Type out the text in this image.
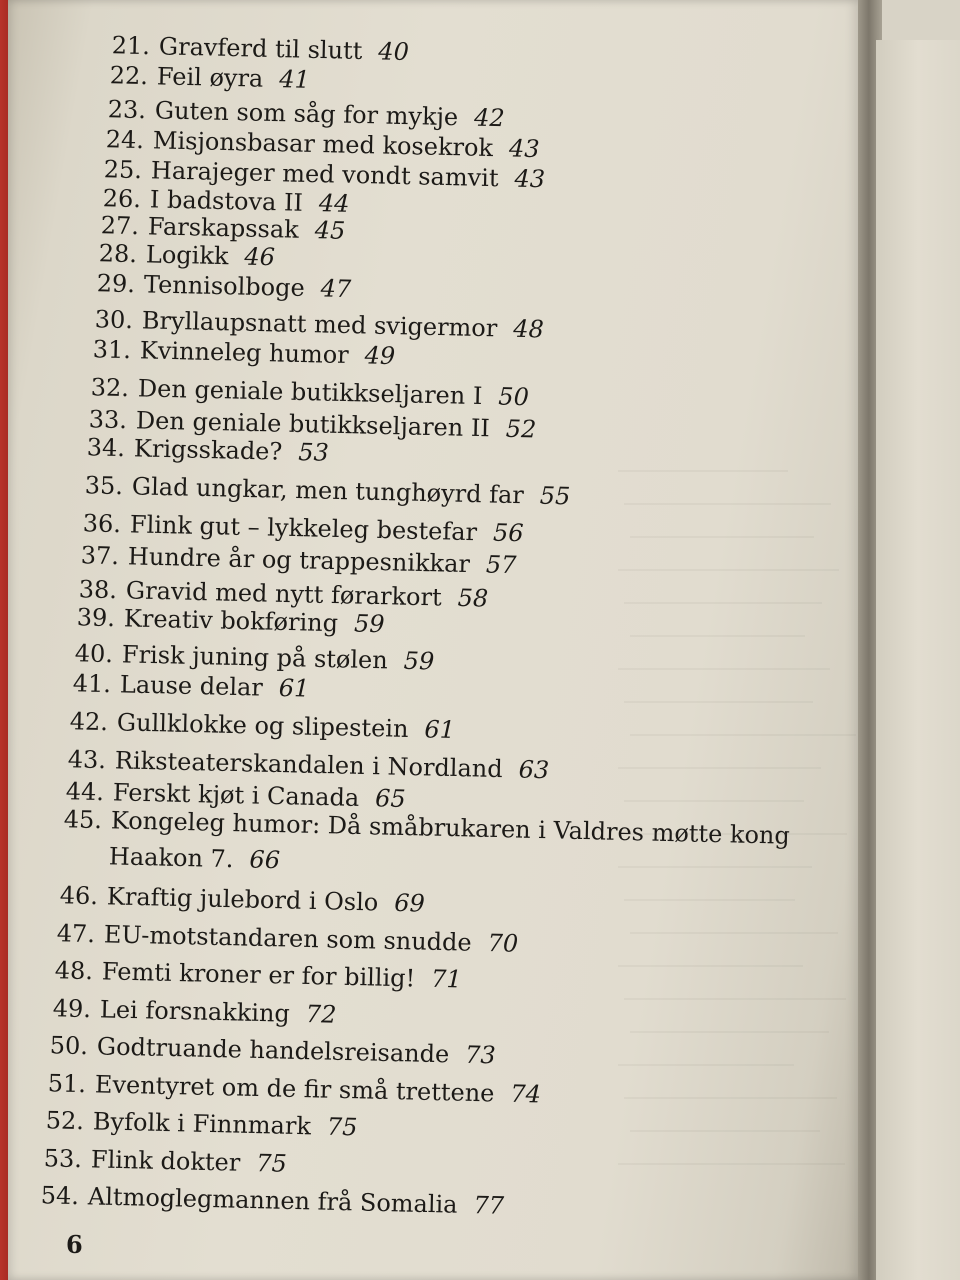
21. Gravferd til slutt 40

22. Feil øyra 41

23. Guten som såg for mykje 42

24. Misjonsbasar med kosekrok 43

25. Harajeger med vondt samvit 43

26. I badstova II 44

27. Farskapssak 45

28. Logikk 46

29. Tennisolboge 47

30. Bryllaupsnatt med svigermor 48

31. Kvinneleg humor 49

32. Den geniale butikkseljaren I 50

33. Den geniale butikkseljaren II 52

34. Krigsskade? 53

35. Glad ungkar, men tunghøyrd far 55

36. Flink gut – lykkeleg bestefar 56

37. Hundre år og trappesnikkar 57

38. Gravid med nytt førarkort 58

39. Kreativ bokføring 59

40. Frisk juning på stølen 59

41. Lause delar 61

42. Gullklokke og slipestein 61

43. Riksteaterskandalen i Nordland 63

44. Ferskt kjøt i Canada 65

45. Kongeleg humor: Då småbrukaren i Valdres møtte kong

Haakon 7. 66

46. Kraftig julebord i Oslo 69

47. EU-motstandaren som snudde 70

48. Femti kroner er for billig! 71

49. Lei forsnakking 72

50. Godtruande handelsreisande 73

51. Eventyret om de fir små trettene 74

52. Byfolk i Finnmark 75

53. Flink dokter 75

54. Altmoglegmannen frå Somalia 77

6
